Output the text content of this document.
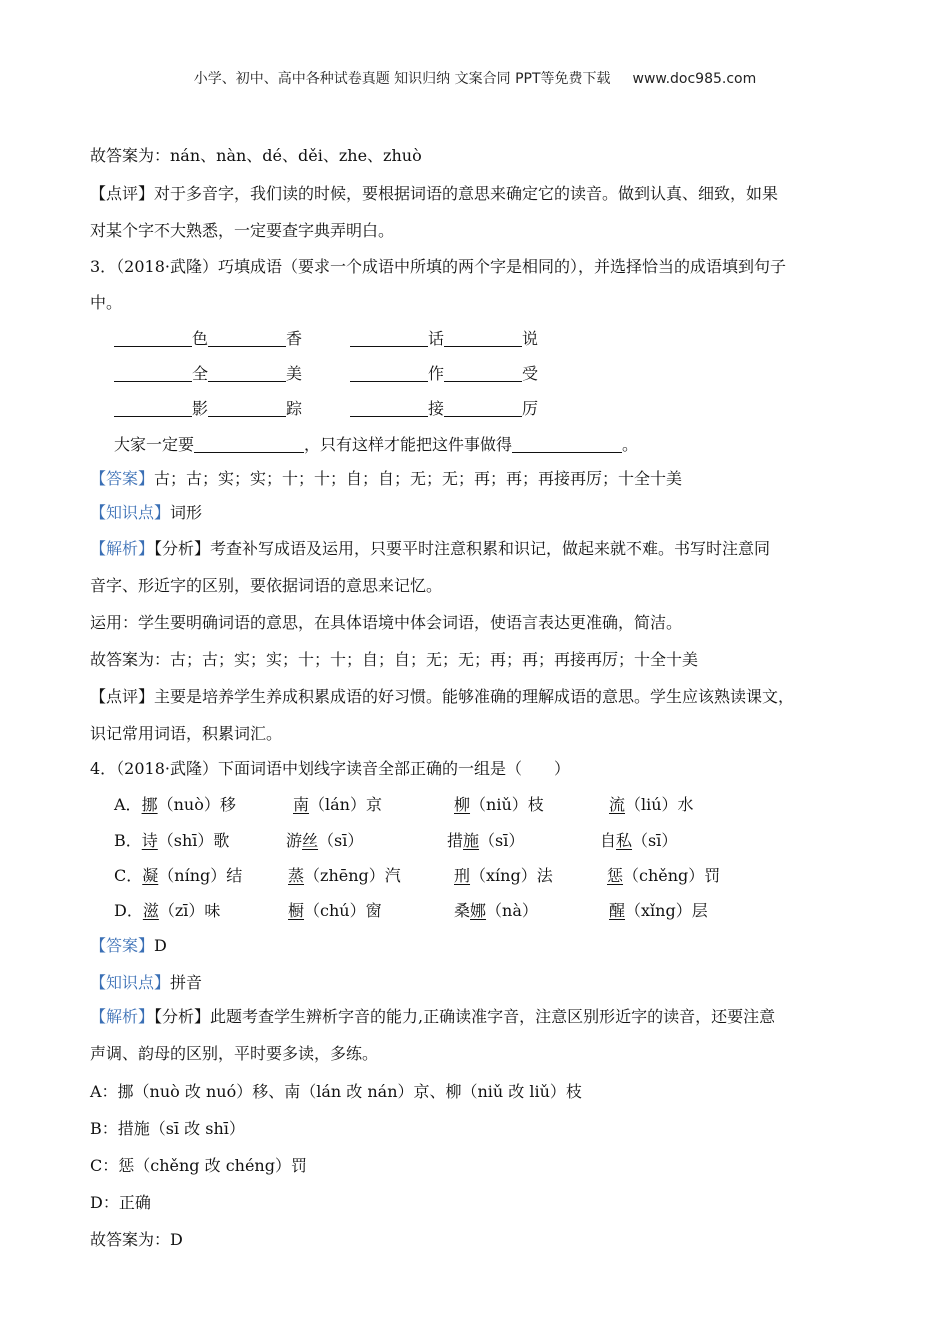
小学、初中、高中各种试卷真题 知识归纳 文案合同 PPT等免费下载 www.doc985.com
故答案为：nán、nàn、dé、děi、zhe、zhuò
【点评】对于多音字，我们读的时候，要根据词语的意思来确定它的读音。做到认真、细致，如果
对某个字不大熟悉，一定要查字典弄明白。
3．（2018·武隆）巧填成语（要求一个成语中所填的两个字是相同的），并选择恰当的成语填到句子
中。
色	香	话	说
全	美	作	受
影	踪	接	厉
大家一定要	，只有这样才能把这件事做得	。
【答案】古；古；实；实；十；十；自；自；无；无；再；再；再接再厉；十全十美
【知识点】词形
【解析】【分析】考查补写成语及运用，只要平时注意积累和识记，做起来就不难。书写时注意同
音字、形近字的区别，要依据词语的意思来记忆。
运用：学生要明确词语的意思，在具体语境中体会词语，使语言表达更准确，简洁。
故答案为：古；古；实；实；十；十；自；自；无；无；再；再；再接再厉；十全十美
【点评】主要是培养学生养成积累成语的好习惯。能够准确的理解成语的意思。学生应该熟读课文，
识记常用词语，积累词汇。
4．（2018·武隆）下面词语中划线字读音全部正确的一组是（　　）
A．挪（nuò）移	南（lán）京	柳（niǔ）枝	流（liú）水
B．诗（shī）歌	游丝（sī）	措施（sī）	自私（sī）
C．凝（níng）结	蒸（zhēng）汽	刑（xíng）法	惩（chěng）罚
D．滋（zī）味	橱（chú）窗	桑娜（nà）	醒（xǐng）层
【答案】D
【知识点】拼音
【解析】【分析】此题考查学生辨析字音的能力,正确读准字音，注意区别形近字的读音，还要注意
声调、韵母的区别，平时要多读，多练。
A：挪（nuò 改 nuó）移、南（lán 改 nán）京、柳（niǔ 改 liǔ）枝
B：措施（sī 改 shī）
C：惩（chěng 改 chéng）罚
D：正确
故答案为：D
